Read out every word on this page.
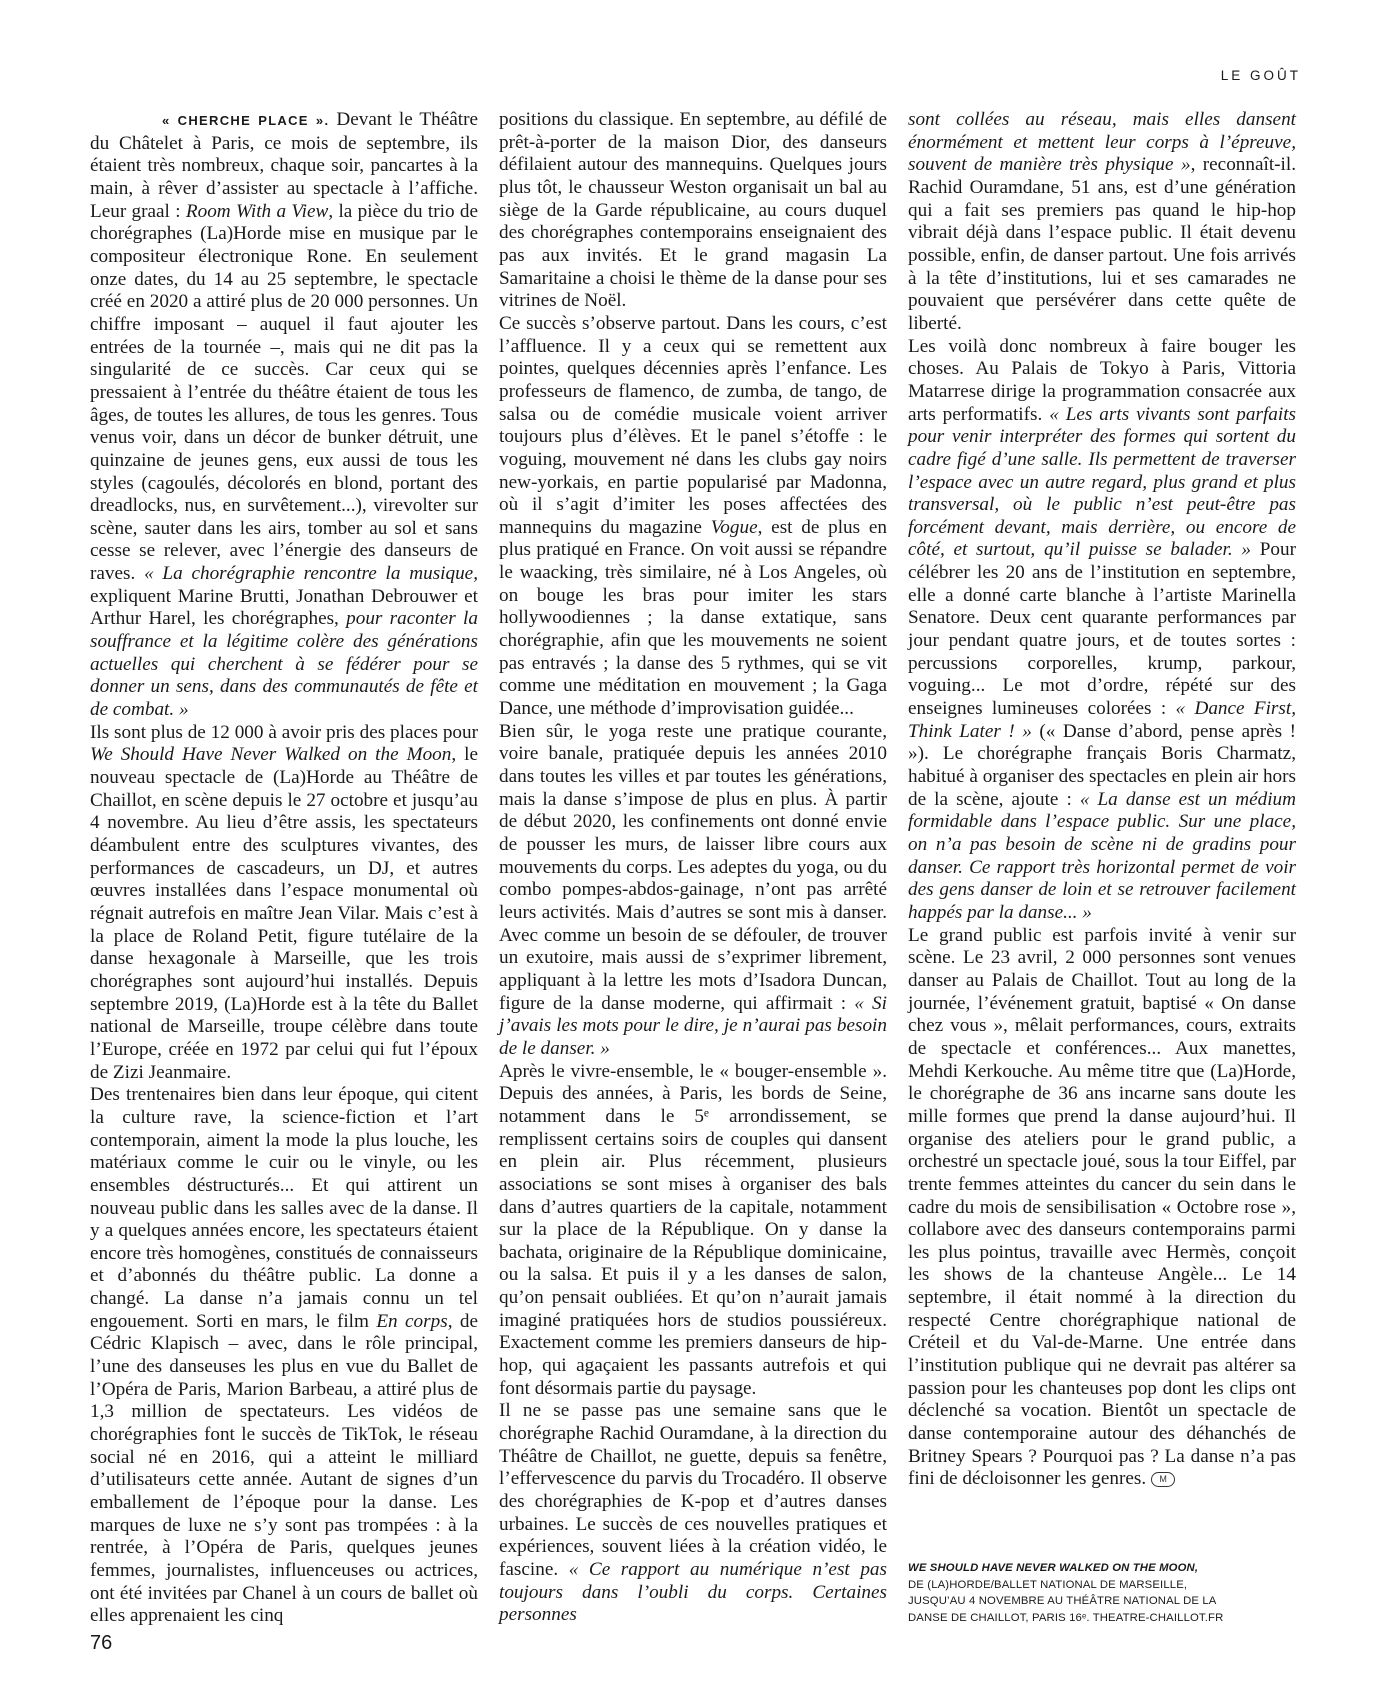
LE GOÛT

« CHERCHE PLACE ». Devant le Théâtre du Châtelet à Paris, ce mois de septembre, ils étaient très nombreux, chaque soir, pancartes à la main, à rêver d’assister au spectacle à l’affiche. Leur graal : Room With a View, la pièce du trio de chorégraphes (La)Horde mise en musique par le compositeur électronique Rone. En seulement onze dates, du 14 au 25 septembre, le spectacle créé en 2020 a attiré plus de 20 000 personnes. Un chiffre imposant – auquel il faut ajouter les entrées de la tournée –, mais qui ne dit pas la singularité de ce succès. Car ceux qui se pressaient à l’entrée du théâtre étaient de tous les âges, de toutes les allures, de tous les genres. Tous venus voir, dans un décor de bunker détruit, une quinzaine de jeunes gens, eux aussi de tous les styles (cagoulés, décolorés en blond, portant des dreadlocks, nus, en survêtement...), virevolter sur scène, sauter dans les airs, tomber au sol et sans cesse se relever, avec l’énergie des danseurs de raves. « La chorégraphie rencontre la musique, expliquent Marine Brutti, Jonathan Debrouwer et Arthur Harel, les chorégraphes, pour raconter la souffrance et la légitime colère des générations actuelles qui cherchent à se fédérer pour se donner un sens, dans des communautés de fête et de combat. »

Ils sont plus de 12 000 à avoir pris des places pour We Should Have Never Walked on the Moon, le nouveau spectacle de (La)Horde au Théâtre de Chaillot, en scène depuis le 27 octobre et jusqu’au 4 novembre. Au lieu d’être assis, les spectateurs déambulent entre des sculptures vivantes, des performances de cascadeurs, un DJ, et autres œuvres installées dans l’espace monumental où régnait autrefois en maître Jean Vilar. Mais c’est à la place de Roland Petit, figure tutélaire de la danse hexagonale à Marseille, que les trois chorégraphes sont aujourd’hui installés. Depuis septembre 2019, (La)Horde est à la tête du Ballet national de Marseille, troupe célèbre dans toute l’Europe, créée en 1972 par celui qui fut l’époux de Zizi Jeanmaire.

Des trentenaires bien dans leur époque, qui citent la culture rave, la science-fiction et l’art contemporain, aiment la mode la plus louche, les matériaux comme le cuir ou le vinyle, ou les ensembles déstructurés... Et qui attirent un nouveau public dans les salles avec de la danse. Il y a quelques années encore, les spectateurs étaient encore très homogènes, constitués de connaisseurs et d’abonnés du théâtre public. La donne a changé. La danse n’a jamais connu un tel engouement. Sorti en mars, le film En corps, de Cédric Klapisch – avec, dans le rôle principal, l’une des danseuses les plus en vue du Ballet de l’Opéra de Paris, Marion Barbeau, a attiré plus de 1,3 million de spectateurs. Les vidéos de chorégraphies font le succès de TikTok, le réseau social né en 2016, qui a atteint le milliard d’utilisateurs cette année. Autant de signes d’un emballement de l’époque pour la danse. Les marques de luxe ne s’y sont pas trompées : à la rentrée, à l’Opéra de Paris, quelques jeunes femmes, journalistes, influenceuses ou actrices, ont été invitées par Chanel à un cours de ballet où elles apprenaient les cinq

positions du classique. En septembre, au défilé de prêt-à-porter de la maison Dior, des danseurs défilaient autour des mannequins. Quelques jours plus tôt, le chausseur Weston organisait un bal au siège de la Garde républicaine, au cours duquel des chorégraphes contemporains enseignaient des pas aux invités. Et le grand magasin La Samaritaine a choisi le thème de la danse pour ses vitrines de Noël.

Ce succès s’observe partout. Dans les cours, c’est l’affluence. Il y a ceux qui se remettent aux pointes, quelques décennies après l’enfance. Les professeurs de flamenco, de zumba, de tango, de salsa ou de comédie musicale voient arriver toujours plus d’élèves. Et le panel s’étoffe : le voguing, mouvement né dans les clubs gay noirs new-yorkais, en partie popularisé par Madonna, où il s’agit d’imiter les poses affectées des mannequins du magazine Vogue, est de plus en plus pratiqué en France. On voit aussi se répandre le waacking, très similaire, né à Los Angeles, où on bouge les bras pour imiter les stars hollywoodiennes ; la danse extatique, sans chorégraphie, afin que les mouvements ne soient pas entravés ; la danse des 5 rythmes, qui se vit comme une méditation en mouvement ; la Gaga Dance, une méthode d’improvisation guidée...

Bien sûr, le yoga reste une pratique courante, voire banale, pratiquée depuis les années 2010 dans toutes les villes et par toutes les générations, mais la danse s’impose de plus en plus. À partir de début 2020, les confinements ont donné envie de pousser les murs, de laisser libre cours aux mouvements du corps. Les adeptes du yoga, ou du combo pompes-abdos-gainage, n’ont pas arrêté leurs activités. Mais d’autres se sont mis à danser. Avec comme un besoin de se défouler, de trouver un exutoire, mais aussi de s’exprimer librement, appliquant à la lettre les mots d’Isadora Duncan, figure de la danse moderne, qui affirmait : « Si j’avais les mots pour le dire, je n’aurai pas besoin de le danser. »

Après le vivre-ensemble, le « bouger-ensemble ». Depuis des années, à Paris, les bords de Seine, notamment dans le 5ᵉ arrondissement, se remplissent certains soirs de couples qui dansent en plein air. Plus récemment, plusieurs associations se sont mises à organiser des bals dans d’autres quartiers de la capitale, notamment sur la place de la République. On y danse la bachata, originaire de la République dominicaine, ou la salsa. Et puis il y a les danses de salon, qu’on pensait oubliées. Et qu’on n’aurait jamais imaginé pratiquées hors de studios poussiéreux. Exactement comme les premiers danseurs de hip-hop, qui agaçaient les passants autrefois et qui font désormais partie du paysage.

Il ne se passe pas une semaine sans que le chorégraphe Rachid Ouramdane, à la direction du Théâtre de Chaillot, ne guette, depuis sa fenêtre, l’effervescence du parvis du Trocadéro. Il observe des chorégraphies de K-pop et d’autres danses urbaines. Le succès de ces nouvelles pratiques et expériences, souvent liées à la création vidéo, le fascine. « Ce rapport au numérique n’est pas toujours dans l’oubli du corps. Certaines personnes

sont collées au réseau, mais elles dansent énormément et mettent leur corps à l’épreuve, souvent de manière très physique », reconnaît-il. Rachid Ouramdane, 51 ans, est d’une génération qui a fait ses premiers pas quand le hip-hop vibrait déjà dans l’espace public. Il était devenu possible, enfin, de danser partout. Une fois arrivés à la tête d’institutions, lui et ses camarades ne pouvaient que persévérer dans cette quête de liberté.

Les voilà donc nombreux à faire bouger les choses. Au Palais de Tokyo à Paris, Vittoria Matarrese dirige la programmation consacrée aux arts performatifs. « Les arts vivants sont parfaits pour venir interpréter des formes qui sortent du cadre figé d’une salle. Ils permettent de traverser l’espace avec un autre regard, plus grand et plus transversal, où le public n’est peut-être pas forcément devant, mais derrière, ou encore de côté, et surtout, qu’il puisse se balader. » Pour célébrer les 20 ans de l’institution en septembre, elle a donné carte blanche à l’artiste Marinella Senatore. Deux cent quarante performances par jour pendant quatre jours, et de toutes sortes : percussions corporelles, krump, parkour, voguing... Le mot d’ordre, répété sur des enseignes lumineuses colorées : « Dance First, Think Later ! » (« Danse d’abord, pense après ! »). Le chorégraphe français Boris Charmatz, habitué à organiser des spectacles en plein air hors de la scène, ajoute : « La danse est un médium formidable dans l’espace public. Sur une place, on n’a pas besoin de scène ni de gradins pour danser. Ce rapport très horizontal permet de voir des gens danser de loin et se retrouver facilement happés par la danse... »

Le grand public est parfois invité à venir sur scène. Le 23 avril, 2 000 personnes sont venues danser au Palais de Chaillot. Tout au long de la journée, l’événement gratuit, baptisé « On danse chez vous », mêlait performances, cours, extraits de spectacle et conférences... Aux manettes, Mehdi Kerkouche. Au même titre que (La)Horde, le chorégraphe de 36 ans incarne sans doute les mille formes que prend la danse aujourd’hui. Il organise des ateliers pour le grand public, a orchestré un spectacle joué, sous la tour Eiffel, par trente femmes atteintes du cancer du sein dans le cadre du mois de sensibilisation « Octobre rose », collabore avec des danseurs contemporains parmi les plus pointus, travaille avec Hermès, conçoit les shows de la chanteuse Angèle... Le 14 septembre, il était nommé à la direction du respecté Centre chorégraphique national de Créteil et du Val-de-Marne. Une entrée dans l’institution publique qui ne devrait pas altérer sa passion pour les chanteuses pop dont les clips ont déclenché sa vocation. Bientôt un spectacle de danse contemporaine autour des déhanchés de Britney Spears ? Pourquoi pas ? La danse n’a pas fini de décloisonner les genres. M

WE SHOULD HAVE NEVER WALKED ON THE MOON,
DE (LA)HORDE/BALLET NATIONAL DE MARSEILLE,
JUSQU’AU 4 NOVEMBRE AU THÉÂTRE NATIONAL DE LA
DANSE DE CHAILLOT, PARIS 16ᵉ. THEATRE-CHAILLOT.FR
76
